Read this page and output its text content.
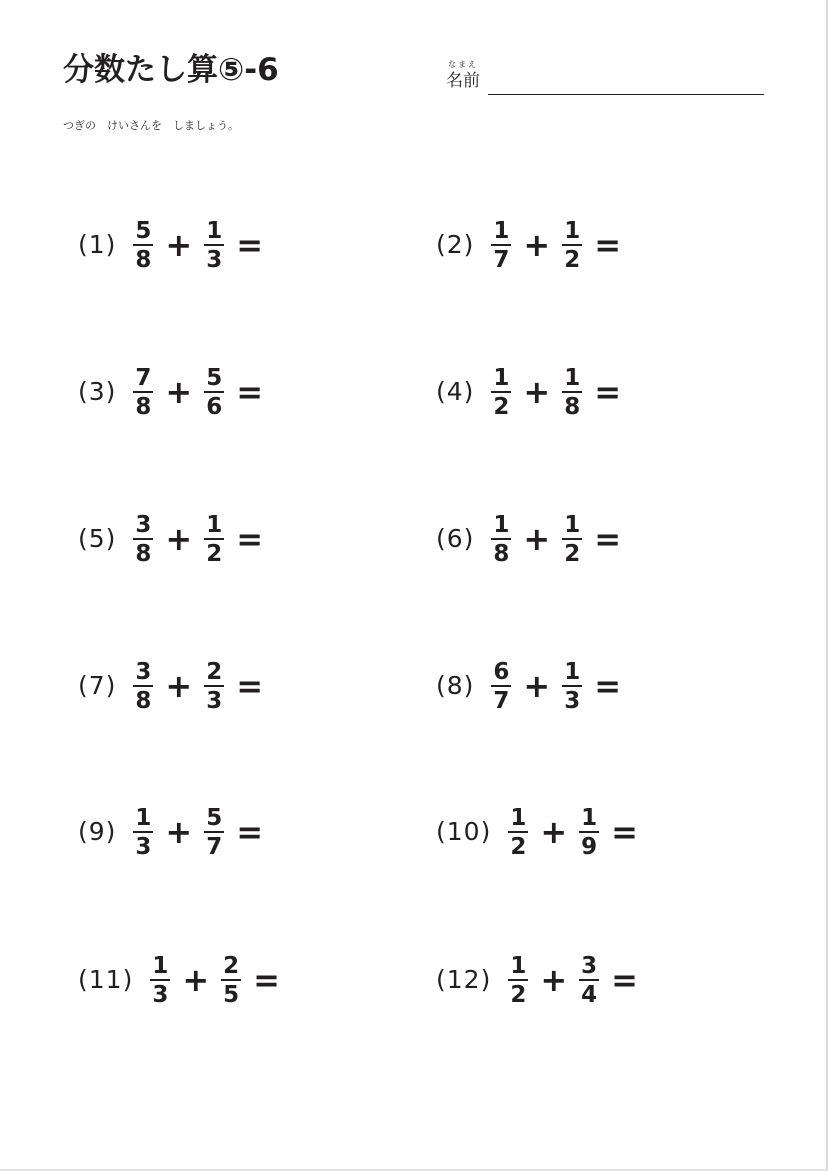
分数たし算⑤-6	なまえ
名前
つぎの　けいさんを　しましょう。
$(1) \frac{5}{8} + \frac{1}{3}$ =	$(2) \frac{1}{7} + \frac{1}{2}$ =
$(3) \frac{7}{8} + \frac{5}{6}$ =	$(4) \frac{1}{2} + \frac{1}{8}$ =
$(5) \frac{3}{8} + \frac{1}{2}$ =	$(6) \frac{1}{8} + \frac{1}{2}$ =
$(7) \frac{3}{8} + \frac{2}{3}$ =	$(8) \frac{6}{7} + \frac{1}{3}$ =
$(9) \frac{1}{3} + \frac{5}{7}$ =	$(10) \frac{1}{2} + \frac{1}{9}$ =
$(11) \frac{1}{3} + \frac{2}{5}$ =	$(12) \frac{1}{2} + \frac{3}{4}$ =
